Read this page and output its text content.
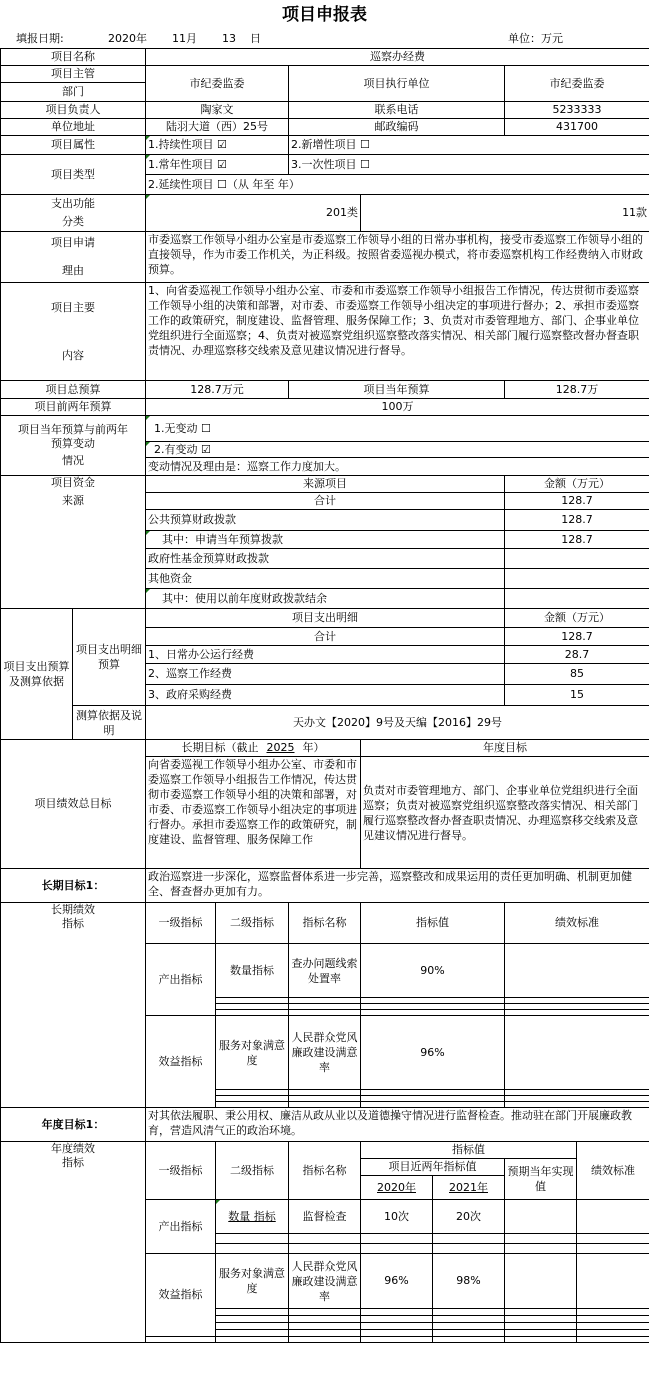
项目申报表
填报日期:	2020年 11月 13 日	单位：万元
项目名称		巡察办经费						
项目主管		市纪委监委		项目执行单位			市纪委监委	
部门								
项目负责人		陶家文		联系电话			5233333	
单位地址		陆羽大道（西）25号		邮政编码			431700	
项目属性		1.持续性项目 ☑		2.新增性项目 ☐				
项目类型		1.常年性项目 ☑		3.一次性项目 ☐				
		2.延续性项目 ☐（从 年至 年）						

支出功能
分类		201类			11款			

项目申请
理由		市委巡察工作领导小组办公室是市委巡察工作领导小组的日常办事机构，接受市委巡察工作领导小组的直接领导，作为市委工作机关，为正科级。按照省委巡视办模式，将市委巡察机构工作经费纳入市财政预算。						

项目主要
内容		1、向省委巡视工作领导小组办公室、市委和市委巡察工作领导小组报告工作情况，传达贯彻市委巡察工作领导小组的决策和部署，对市委、市委巡察工作领导小组决定的事项进行督办；2、承担市委巡察工作的政策研究，制度建设、监督管理、服务保障工作；3、负责对市委管理地方、部门、企事业单位党组织进行全面巡察；4、负责对被巡察党组织巡察整改落实情况、相关部门履行巡察整改督办督查职责情况、办理巡察移交线索及意见建议情况进行督导。						
项目总预算		128.7万元		项目当年预算			128.7万	
项目前两年预算		100万						

项目当年预算与前两年
预算变动
情况		1.无变动 ☐						
		2.有变动 ☑						
		变动情况及理由是：巡察工作力度加大。						

项目资金
来源		来源项目					金额（万元）	
		合计					128.7	
		公共预算财政拨款					128.7	
		其中：申请当年预算拨款					128.7	
		政府性基金预算财政拨款						
		其他资金						
		其中：使用以前年度财政拨款结余						
项目支出预算及测算依据	项目支出明细预算	项目支出明细					金额（万元）	
		合计					128.7	
		1、日常办公运行经费					28.7	
		2、巡察工作经费					85	
		3、政府采购经费					15	
	测算依据及说明	天办文【2020】9号及天编【2016】29号						
项目绩效总目标		长期目标（截止 2025 年）			年度目标			
		向省委巡视工作领导小组办公室、市委和市委巡察工作领导小组报告工作情况，传达贯彻市委巡察工作领导小组的决策和部署，对市委、市委巡察工作领导小组决定的事项进行督办。承担市委巡察工作的政策研究，制度建设、监督管理、服务保障工作			负责对市委管理地方、部门、企事业单位党组织进行全面巡察；负责对被巡察党组织巡察整改落实情况、相关部门履行巡察整改督办督查职责情况、办理巡察移交线索及意见建议情况进行督导。			
长期目标1：		政治巡察进一步深化，巡察监督体系进一步完善，巡察整改和成果运用的责任更加明确、机制更加健全、督查督办更加有力。						

长期绩效
指标		一级指标	二级指标	指标名称	指标值		绩效标准	
		产出指标	数量指标	查办问题线索处置率	90%			

		效益指标	服务对象满意度	人民群众党风廉政建设满意率	96%			

年度目标1：		对其依法履职、秉公用权、廉洁从政从业以及道德操守情况进行监督检查。推动驻在部门开展廉政教育，营造风清气正的政治环境。						

年度绩效
指标		一级指标	二级指标	指标名称	指标值			绩效标准
					项目近两年指标值		预期当年实现值	
					2020年	2021年		
		产出指标	数量 指标	监督检查	10次	20次		

		效益指标	服务对象满意度	人民群众党风廉政建设满意率	96%	98%		
